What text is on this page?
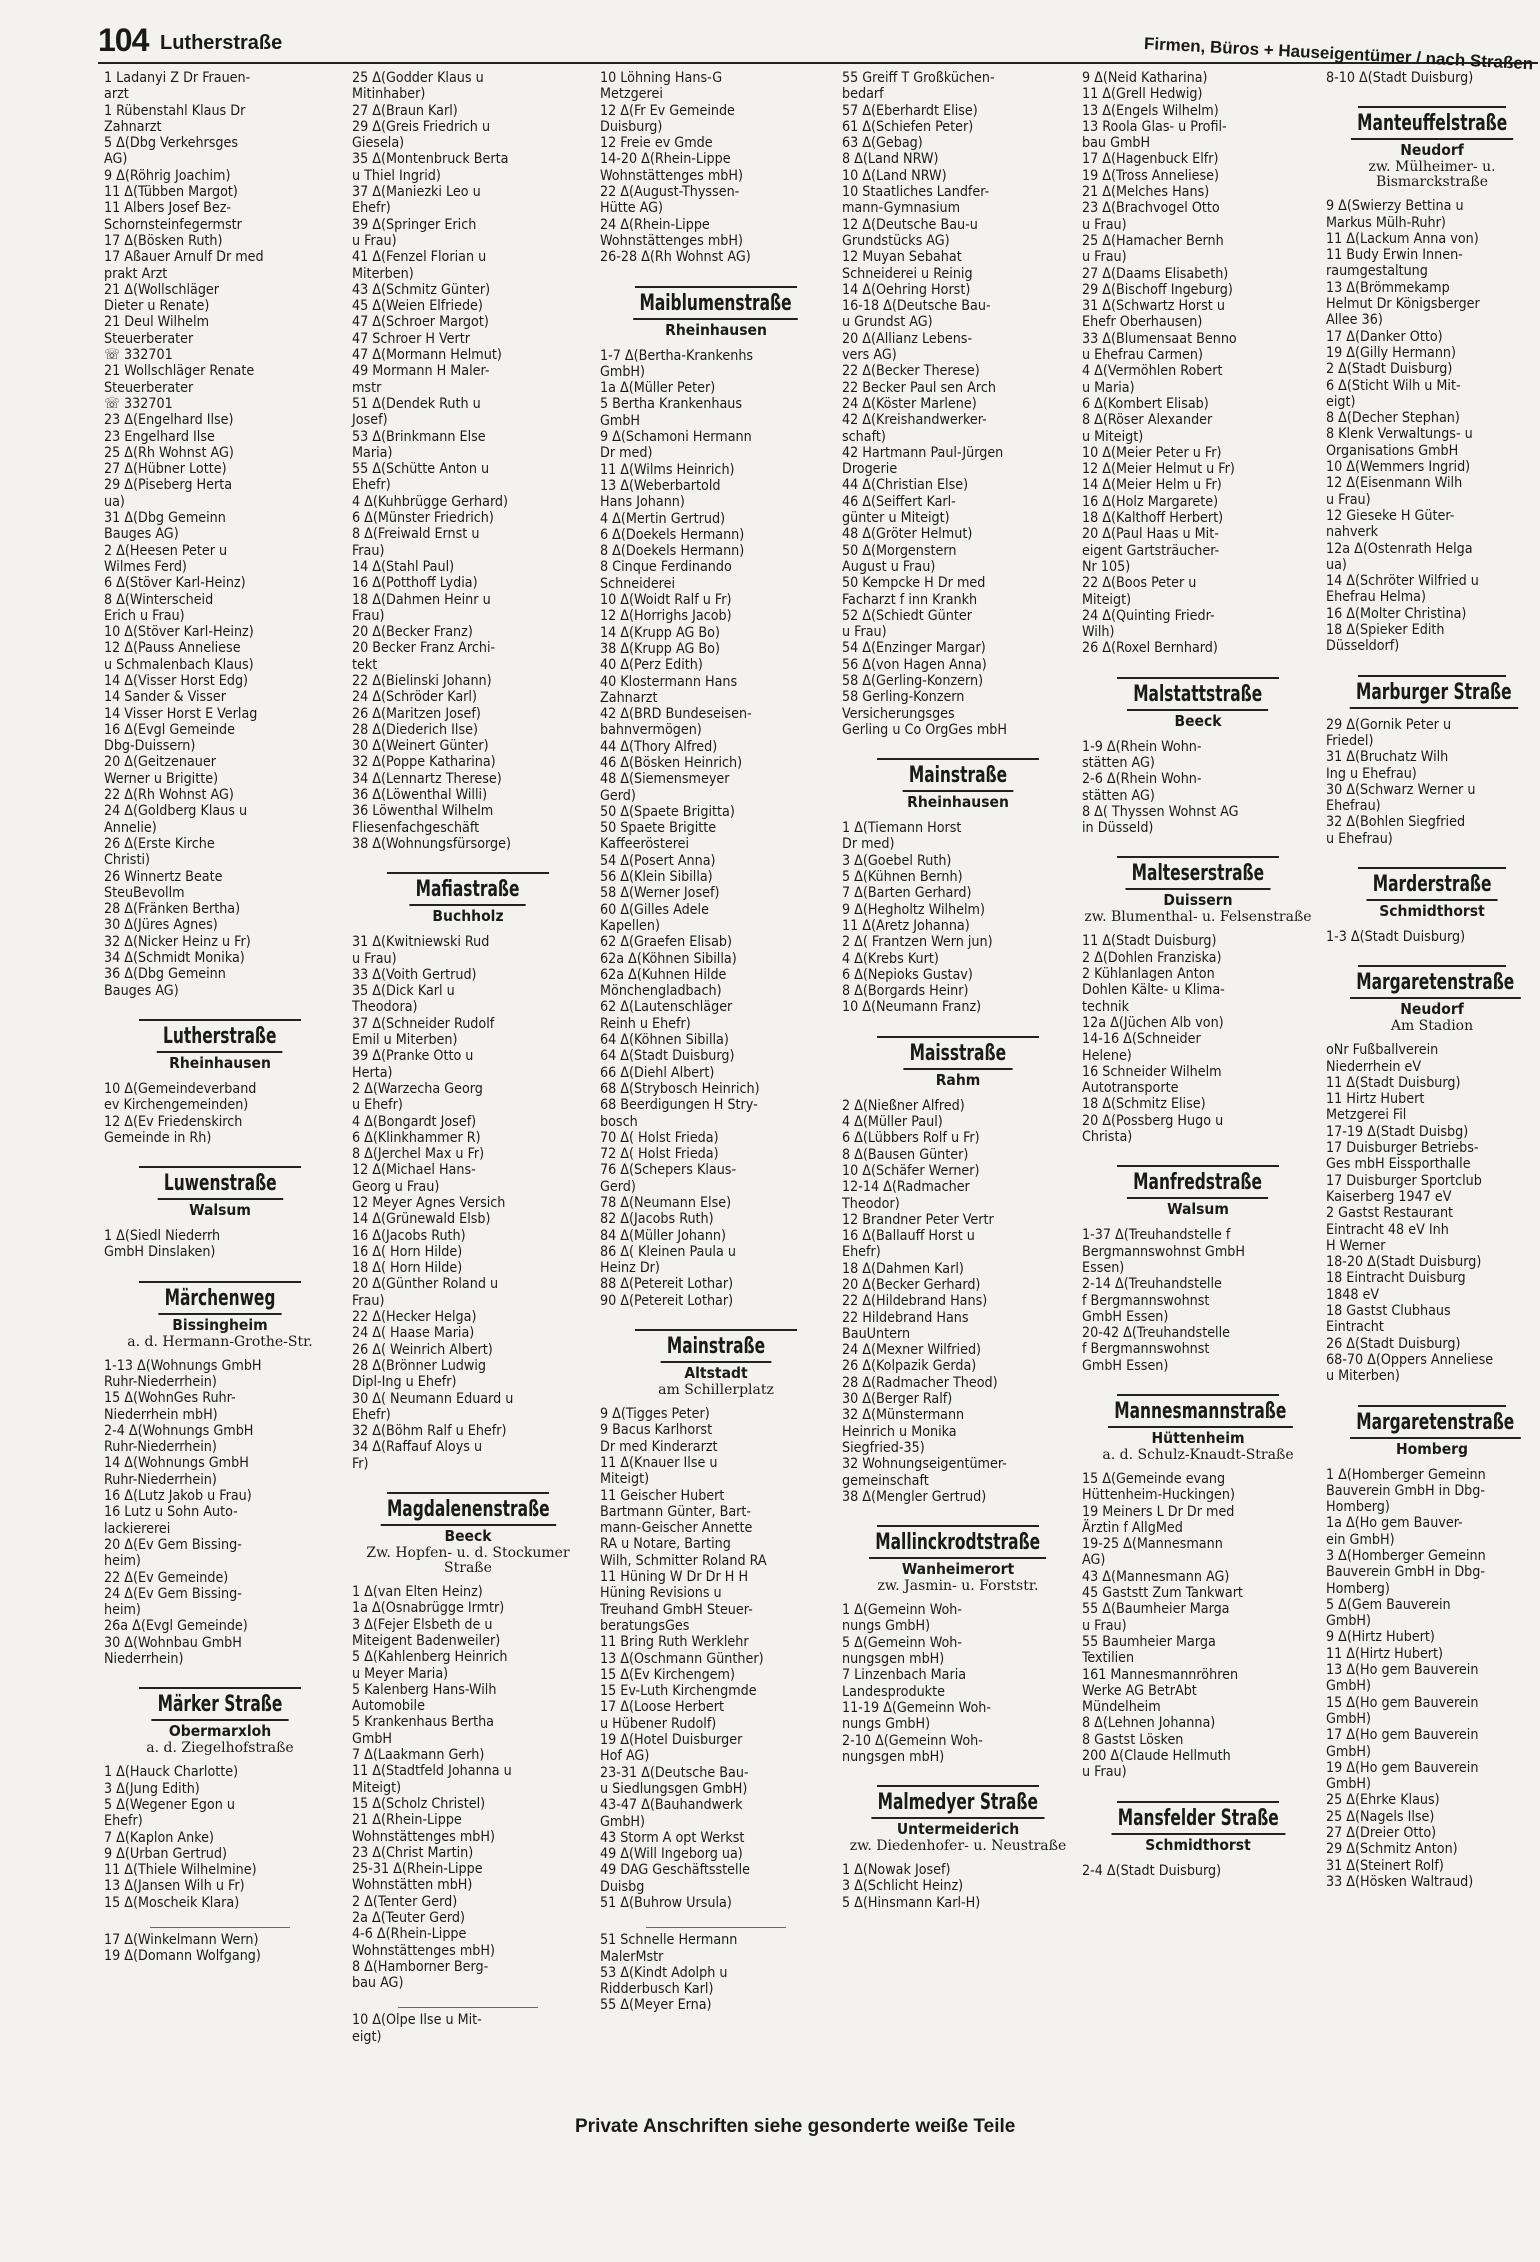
104 Lutherstraße	Firmen, Büros + Hauseigentümer / nach Straßen
1 Ladanyi Z Dr Frauen-
arzt
1 Rübenstahl Klaus Dr
Zahnarzt
5 Δ(Dbg Verkehrsges
AG)
9 Δ(Röhrig Joachim)
11 Δ(Tübben Margot)
11 Albers Josef Bez-
Schornsteinfegermstr
17 Δ(Bösken Ruth)
17 Aßauer Arnulf Dr med
prakt Arzt
21 Δ(Wollschläger
Dieter u Renate)
21 Deul Wilhelm
Steuerberater
☏ 332701
21 Wollschläger Renate
Steuerberater
☏ 332701
23 Δ(Engelhard Ilse)
23 Engelhard Ilse
25 Δ(Rh Wohnst AG)
27 Δ(Hübner Lotte)
29 Δ(Piseberg Herta
ua)
31 Δ(Dbg Gemeinn
Bauges AG)
2 Δ(Heesen Peter u
Wilmes Ferd)
6 Δ(Stöver Karl-Heinz)
8 Δ(Winterscheid
Erich u Frau)
10 Δ(Stöver Karl-Heinz)
12 Δ(Pauss Anneliese
u Schmalenbach Klaus)
14 Δ(Visser Horst Edg)
14 Sander & Visser
14 Visser Horst E Verlag
16 Δ(Evgl Gemeinde
Dbg-Duissern)
20 Δ(Geitzenauer
Werner u Brigitte)
22 Δ(Rh Wohnst AG)
24 Δ(Goldberg Klaus u
Annelie)
26 Δ(Erste Kirche
Christi)
26 Winnertz Beate
SteuBevollm
28 Δ(Fränken Bertha)
30 Δ(Jüres Agnes)
32 Δ(Nicker Heinz u Fr)
34 Δ(Schmidt Monika)
36 Δ(Dbg Gemeinn
Bauges AG)
Lutherstraße
Rheinhausen
10 Δ(Gemeindeverband
ev Kirchengemeinden)
12 Δ(Ev Friedenskirch
Gemeinde in Rh)
Luwenstraße
Walsum
1 Δ(Siedl Niederrh
GmbH Dinslaken)
Märchenweg
Bissingheim
a. d. Hermann-Grothe-Str.
1-13 Δ(Wohnungs GmbH
Ruhr-Niederrhein)
15 Δ(WohnGes Ruhr-
Niederrhein mbH)
2-4 Δ(Wohnungs GmbH
Ruhr-Niederrhein)
14 Δ(Wohnungs GmbH
Ruhr-Niederrhein)
16 Δ(Lutz Jakob u Frau)
16 Lutz u Sohn Auto-
lackiererei
20 Δ(Ev Gem Bissing-
heim)
22 Δ(Ev Gemeinde)
24 Δ(Ev Gem Bissing-
heim)
26a Δ(Evgl Gemeinde)
30 Δ(Wohnbau GmbH
Niederrhein)
Märker Straße
Obermarxloh
a. d. Ziegelhofstraße
1 Δ(Hauck Charlotte)
3 Δ(Jung Edith)
5 Δ(Wegener Egon u
Ehefr)
7 Δ(Kaplon Anke)
9 Δ(Urban Gertrud)
11 Δ(Thiele Wilhelmine)
13 Δ(Jansen Wilh u Fr)
15 Δ(Moscheik Klara)
17 Δ(Winkelmann Wern)
19 Δ(Domann Wolfgang)
25 Δ(Godder Klaus u
Mitinhaber)
27 Δ(Braun Karl)
29 Δ(Greis Friedrich u
Giesela)
35 Δ(Montenbruck Berta
u Thiel Ingrid)
37 Δ(Maniezki Leo u
Ehefr)
39 Δ(Springer Erich
u Frau)
41 Δ(Fenzel Florian u
Miterben)
43 Δ(Schmitz Günter)
45 Δ(Weien Elfriede)
47 Δ(Schroer Margot)
47 Schroer H Vertr
47 Δ(Mormann Helmut)
49 Mormann H Maler-
mstr
51 Δ(Dendek Ruth u
Josef)
53 Δ(Brinkmann Else
Maria)
55 Δ(Schütte Anton u
Ehefr)
4 Δ(Kuhbrügge Gerhard)
6 Δ(Münster Friedrich)
8 Δ(Freiwald Ernst u
Frau)
14 Δ(Stahl Paul)
16 Δ(Potthoff Lydia)
18 Δ(Dahmen Heinr u
Frau)
20 Δ(Becker Franz)
20 Becker Franz Archi-
tekt
22 Δ(Bielinski Johann)
24 Δ(Schröder Karl)
26 Δ(Maritzen Josef)
28 Δ(Diederich Ilse)
30 Δ(Weinert Günter)
32 Δ(Poppe Katharina)
34 Δ(Lennartz Therese)
36 Δ(Löwenthal Willi)
36 Löwenthal Wilhelm
Fliesenfachgeschäft
38 Δ(Wohnungsfürsorge)
Mafiastraße
Buchholz
31 Δ(Kwitniewski Rud
u Frau)
33 Δ(Voith Gertrud)
35 Δ(Dick Karl u
Theodora)
37 Δ(Schneider Rudolf
Emil u Miterben)
39 Δ(Pranke Otto u
Herta)
2 Δ(Warzecha Georg
u Ehefr)
4 Δ(Bongardt Josef)
6 Δ(Klinkhammer R)
8 Δ(Jerchel Max u Fr)
12 Δ(Michael Hans-
Georg u Frau)
12 Meyer Agnes Versich
14 Δ(Grünewald Elsb)
16 Δ(Jacobs Ruth)
16 Δ( Horn Hilde)
18 Δ( Horn Hilde)
20 Δ(Günther Roland u
Frau)
22 Δ(Hecker Helga)
24 Δ( Haase Maria)
26 Δ( Weinrich Albert)
28 Δ(Brönner Ludwig
Dipl-Ing u Ehefr)
30 Δ( Neumann Eduard u
Ehefr)
32 Δ(Böhm Ralf u Ehefr)
34 Δ(Raffauf Aloys u
Fr)
Magdalenenstraße
Beeck
Zw. Hopfen- u. d. Stockumer Straße
1 Δ(van Elten Heinz)
1a Δ(Osnabrügge Irmtr)
3 Δ(Fejer Elsbeth de u
Miteigent Badenweiler)
5 Δ(Kahlenberg Heinrich
u Meyer Maria)
5 Kalenberg Hans-Wilh
Automobile
5 Krankenhaus Bertha
GmbH
7 Δ(Laakmann Gerh)
11 Δ(Stadtfeld Johanna u
Miteigt)
15 Δ(Scholz Christel)
21 Δ(Rhein-Lippe
Wohnstättenges mbH)
23 Δ(Christ Martin)
25-31 Δ(Rhein-Lippe
Wohnstätten mbH)
2 Δ(Tenter Gerd)
2a Δ(Teuter Gerd)
4-6 Δ(Rhein-Lippe
Wohnstättenges mbH)
8 Δ(Hamborner Berg-
bau AG)
10 Δ(Olpe Ilse u Mit-
eigt)
10 Löhning Hans-G
Metzgerei
12 Δ(Fr Ev Gemeinde
Duisburg)
12 Freie ev Gmde
14-20 Δ(Rhein-Lippe
Wohnstättenges mbH)
22 Δ(August-Thyssen-
Hütte AG)
24 Δ(Rhein-Lippe
Wohnstättenges mbH)
26-28 Δ(Rh Wohnst AG)
Maiblumenstraße
Rheinhausen
1-7 Δ(Bertha-Krankenhs
GmbH)
1a Δ(Müller Peter)
5 Bertha Krankenhaus
GmbH
9 Δ(Schamoni Hermann
Dr med)
11 Δ(Wilms Heinrich)
13 Δ(Weberbartold
Hans Johann)
4 Δ(Mertin Gertrud)
6 Δ(Doekels Hermann)
8 Δ(Doekels Hermann)
8 Cinque Ferdinando
Schneiderei
10 Δ(Woidt Ralf u Fr)
12 Δ(Horrighs Jacob)
14 Δ(Krupp AG Bo)
38 Δ(Krupp AG Bo)
40 Δ(Perz Edith)
40 Klostermann Hans
Zahnarzt
42 Δ(BRD Bundeseisen-
bahnvermögen)
44 Δ(Thory Alfred)
46 Δ(Bösken Heinrich)
48 Δ(Siemensmeyer
Gerd)
50 Δ(Spaete Brigitta)
50 Spaete Brigitte
Kaffeerösterei
54 Δ(Posert Anna)
56 Δ(Klein Sibilla)
58 Δ(Werner Josef)
60 Δ(Gilles Adele
Kapellen)
62 Δ(Graefen Elisab)
62a Δ(Köhnen Sibilla)
62a Δ(Kuhnen Hilde
Mönchengladbach)
62 Δ(Lautenschläger
Reinh u Ehefr)
64 Δ(Köhnen Sibilla)
64 Δ(Stadt Duisburg)
66 Δ(Diehl Albert)
68 Δ(Strybosch Heinrich)
68 Beerdigungen H Stry-
bosch
70 Δ( Holst Frieda)
72 Δ( Holst Frieda)
76 Δ(Schepers Klaus-
Gerd)
78 Δ(Neumann Else)
82 Δ(Jacobs Ruth)
84 Δ(Müller Johann)
86 Δ( Kleinen Paula u
Heinz Dr)
88 Δ(Petereit Lothar)
90 Δ(Petereit Lothar)
Mainstraße
Altstadt
am Schillerplatz
9 Δ(Tigges Peter)
9 Bacus Karlhorst
Dr med Kinderarzt
11 Δ(Knauer Ilse u
Miteigt)
11 Geischer Hubert
Bartmann Günter, Bart-
mann-Geischer Annette
RA u Notare, Barting
Wilh, Schmitter Roland RA
11 Hüning W Dr Dr H H
Hüning Revisions u
Treuhand GmbH Steuer-
beratungsGes
11 Bring Ruth Werklehr
13 Δ(Oschmann Günther)
15 Δ(Ev Kirchengem)
15 Ev-Luth Kirchengmde
17 Δ(Loose Herbert
u Hübener Rudolf)
19 Δ(Hotel Duisburger
Hof AG)
23-31 Δ(Deutsche Bau-
u Siedlungsgen GmbH)
43-47 Δ(Bauhandwerk
GmbH)
43 Storm A opt Werkst
49 Δ(Will Ingeborg ua)
49 DAG Geschäftsstelle
Duisbg
51 Δ(Buhrow Ursula)
51 Schnelle Hermann
MalerMstr
53 Δ(Kindt Adolph u
Ridderbusch Karl)
55 Δ(Meyer Erna)
55 Greiff T Großküchen-
bedarf
57 Δ(Eberhardt Elise)
61 Δ(Schiefen Peter)
63 Δ(Gebag)
8 Δ(Land NRW)
10 Δ(Land NRW)
10 Staatliches Landfer-
mann-Gymnasium
12 Δ(Deutsche Bau-u
Grundstücks AG)
12 Muyan Sebahat
Schneiderei u Reinig
14 Δ(Oehring Horst)
16-18 Δ(Deutsche Bau-
u Grundst AG)
20 Δ(Allianz Lebens-
vers AG)
22 Δ(Becker Therese)
22 Becker Paul sen Arch
24 Δ(Köster Marlene)
42 Δ(Kreishandwerker-
schaft)
42 Hartmann Paul-Jürgen
Drogerie
44 Δ(Christian Else)
46 Δ(Seiffert Karl-
günter u Miteigt)
48 Δ(Gröter Helmut)
50 Δ(Morgenstern
August u Frau)
50 Kempcke H Dr med
Facharzt f inn Krankh
52 Δ(Schiedt Günter
u Frau)
54 Δ(Enzinger Margar)
56 Δ(von Hagen Anna)
58 Δ(Gerling-Konzern)
58 Gerling-Konzern
Versicherungsges
Gerling u Co OrgGes mbH
Mainstraße
Rheinhausen
1 Δ(Tiemann Horst
Dr med)
3 Δ(Goebel Ruth)
5 Δ(Kühnen Bernh)
7 Δ(Barten Gerhard)
9 Δ(Hegholtz Wilhelm)
11 Δ(Aretz Johanna)
2 Δ( Frantzen Wern jun)
4 Δ(Krebs Kurt)
6 Δ(Nepioks Gustav)
8 Δ(Borgards Heinr)
10 Δ(Neumann Franz)
Maisstraße
Rahm
2 Δ(Nießner Alfred)
4 Δ(Müller Paul)
6 Δ(Lübbers Rolf u Fr)
8 Δ(Bausen Günter)
10 Δ(Schäfer Werner)
12-14 Δ(Radmacher
Theodor)
12 Brandner Peter Vertr
16 Δ(Ballauff Horst u
Ehefr)
18 Δ(Dahmen Karl)
20 Δ(Becker Gerhard)
22 Δ(Hildebrand Hans)
22 Hildebrand Hans
BauUntern
24 Δ(Mexner Wilfried)
26 Δ(Kolpazik Gerda)
28 Δ(Radmacher Theod)
30 Δ(Berger Ralf)
32 Δ(Münstermann
Heinrich u Monika
Siegfried-35)
32 Wohnungseigentümer-
gemeinschaft
38 Δ(Mengler Gertrud)
Mallinckrodtstraße
Wanheimerort
zw. Jasmin- u. Forststr.
1 Δ(Gemeinn Woh-
nungs GmbH)
5 Δ(Gemeinn Woh-
nungsgen mbH)
7 Linzenbach Maria
Landesprodukte
11-19 Δ(Gemeinn Woh-
nungs GmbH)
2-10 Δ(Gemeinn Woh-
nungsgen mbH)
Malmedyer Straße
Untermeiderich
zw. Diedenhofer- u. Neustraße
1 Δ(Nowak Josef)
3 Δ(Schlicht Heinz)
5 Δ(Hinsmann Karl-H)
9 Δ(Neid Katharina)
11 Δ(Grell Hedwig)
13 Δ(Engels Wilhelm)
13 Roola Glas- u Profil-
bau GmbH
17 Δ(Hagenbuck Elfr)
19 Δ(Tross Anneliese)
21 Δ(Melches Hans)
23 Δ(Brachvogel Otto
u Frau)
25 Δ(Hamacher Bernh
u Frau)
27 Δ(Daams Elisabeth)
29 Δ(Bischoff Ingeburg)
31 Δ(Schwartz Horst u
Ehefr Oberhausen)
33 Δ(Blumensaat Benno
u Ehefrau Carmen)
4 Δ(Vermöhlen Robert
u Maria)
6 Δ(Kombert Elisab)
8 Δ(Röser Alexander
u Miteigt)
10 Δ(Meier Peter u Fr)
12 Δ(Meier Helmut u Fr)
14 Δ(Meier Helm u Fr)
16 Δ(Holz Margarete)
18 Δ(Kalthoff Herbert)
20 Δ(Paul Haas u Mit-
eigent Gartsträucher-
Nr 105)
22 Δ(Boos Peter u
Miteigt)
24 Δ(Quinting Friedr-
Wilh)
26 Δ(Roxel Bernhard)
Malstattstraße
Beeck
1-9 Δ(Rhein Wohn-
stätten AG)
2-6 Δ(Rhein Wohn-
stätten AG)
8 Δ( Thyssen Wohnst AG
in Düsseld)
Malteserstraße
Duissern
zw. Blumenthal- u. Felsenstraße
11 Δ(Stadt Duisburg)
2 Δ(Dohlen Franziska)
2 Kühlanlagen Anton
Dohlen Kälte- u Klima-
technik
12a Δ(Jüchen Alb von)
14-16 Δ(Schneider
Helene)
16 Schneider Wilhelm
Autotransporte
18 Δ(Schmitz Elise)
20 Δ(Possberg Hugo u
Christa)
Manfredstraße
Walsum
1-37 Δ(Treuhandstelle f
Bergmannswohnst GmbH
Essen)
2-14 Δ(Treuhandstelle
f Bergmannswohnst
GmbH Essen)
20-42 Δ(Treuhandstelle
f Bergmannswohnst
GmbH Essen)
Mannesmannstraße
Hüttenheim
a. d. Schulz-Knaudt-Straße
15 Δ(Gemeinde evang
Hüttenheim-Huckingen)
19 Meiners L Dr Dr med
Ärztin f AllgMed
19-25 Δ(Mannesmann
AG)
43 Δ(Mannesmann AG)
45 Gaststt Zum Tankwart
55 Δ(Baumheier Marga
u Frau)
55 Baumheier Marga
Textilien
161 Mannesmannröhren
Werke AG BetrAbt
Mündelheim
8 Δ(Lehnen Johanna)
8 Gastst Lösken
200 Δ(Claude Hellmuth
u Frau)
Mansfelder Straße
Schmidthorst
2-4 Δ(Stadt Duisburg)
8-10 Δ(Stadt Duisburg)
Manteuffelstraße
Neudorf
zw. Mülheimer- u. Bismarckstraße
9 Δ(Swierzy Bettina u
Markus Mülh-Ruhr)
11 Δ(Lackum Anna von)
11 Budy Erwin Innen-
raumgestaltung
13 Δ(Brömmekamp
Helmut Dr Königsberger
Allee 36)
17 Δ(Danker Otto)
19 Δ(Gilly Hermann)
2 Δ(Stadt Duisburg)
6 Δ(Sticht Wilh u Mit-
eigt)
8 Δ(Decher Stephan)
8 Klenk Verwaltungs- u
Organisations GmbH
10 Δ(Wemmers Ingrid)
12 Δ(Eisenmann Wilh
u Frau)
12 Gieseke H Güter-
nahverk
12a Δ(Ostenrath Helga
ua)
14 Δ(Schröter Wilfried u
Ehefrau Helma)
16 Δ(Molter Christina)
18 Δ(Spieker Edith
Düsseldorf)
Marburger Straße
29 Δ(Gornik Peter u
Friedel)
31 Δ(Bruchatz Wilh
Ing u Ehefrau)
30 Δ(Schwarz Werner u
Ehefrau)
32 Δ(Bohlen Siegfried
u Ehefrau)
Marderstraße
Schmidthorst
1-3 Δ(Stadt Duisburg)
Margaretenstraße
Neudorf
Am Stadion
oNr Fußballverein
Niederrhein eV
11 Δ(Stadt Duisburg)
11 Hirtz Hubert
Metzgerei Fil
17-19 Δ(Stadt Duisbg)
17 Duisburger Betriebs-
Ges mbH Eissporthalle
17 Duisburger Sportclub
Kaiserberg 1947 eV
2 Gastst Restaurant
Eintracht 48 eV Inh
H Werner
18-20 Δ(Stadt Duisburg)
18 Eintracht Duisburg
1848 eV
18 Gastst Clubhaus
Eintracht
26 Δ(Stadt Duisburg)
68-70 Δ(Oppers Anneliese
u Miterben)
Margaretenstraße
Homberg
1 Δ(Homberger Gemeinn
Bauverein GmbH in Dbg-
Homberg)
1a Δ(Ho gem Bauver-
ein GmbH)
3 Δ(Homberger Gemeinn
Bauverein GmbH in Dbg-
Homberg)
5 Δ(Gem Bauverein
GmbH)
9 Δ(Hirtz Hubert)
11 Δ(Hirtz Hubert)
13 Δ(Ho gem Bauverein
GmbH)
15 Δ(Ho gem Bauverein
GmbH)
17 Δ(Ho gem Bauverein
GmbH)
19 Δ(Ho gem Bauverein
GmbH)
25 Δ(Ehrke Klaus)
25 Δ(Nagels Ilse)
27 Δ(Dreier Otto)
29 Δ(Schmitz Anton)
31 Δ(Steinert Rolf)
33 Δ(Hösken Waltraud)
Private Anschriften siehe gesonderte weiße Teile
